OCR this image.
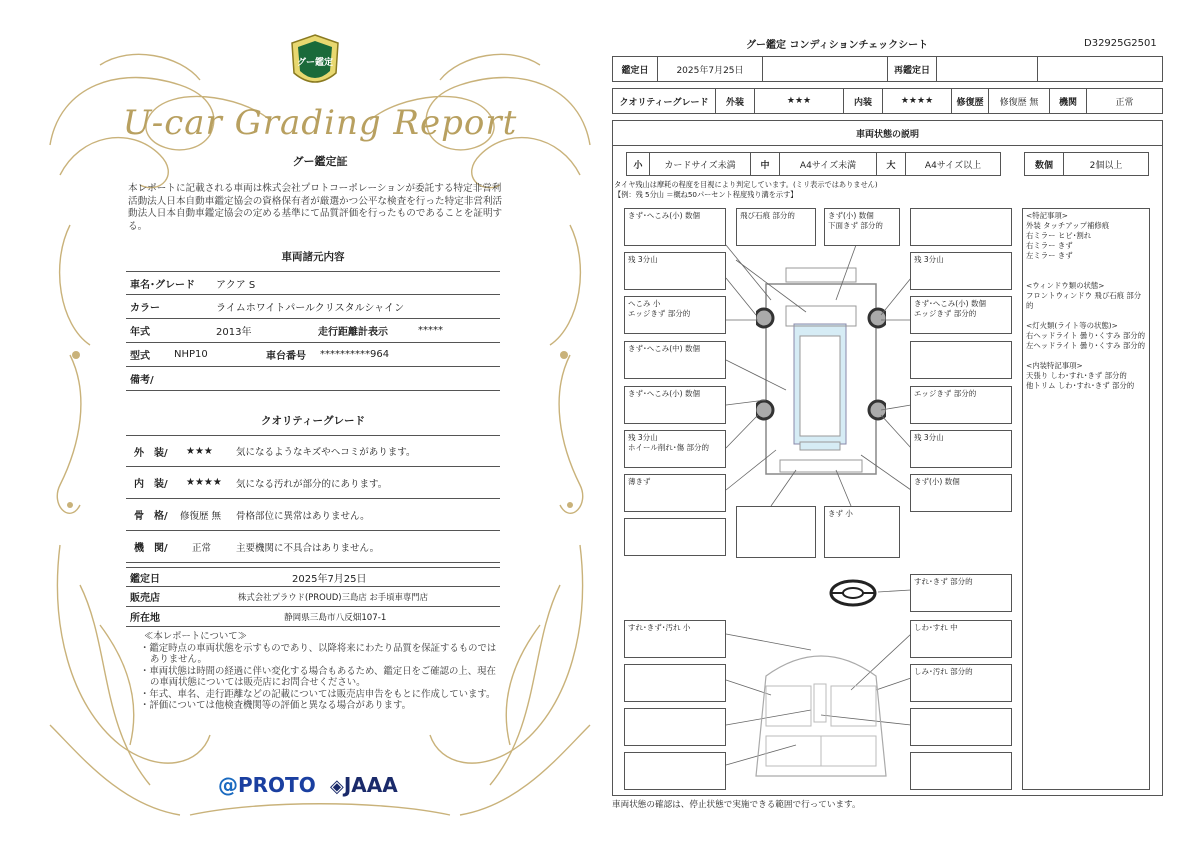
グー鑑定
U-car Grading Report
グー鑑定証
本レポートに記載される車両は株式会社プロトコーポレーションが委託する特定非営利活動法人日本自動車鑑定協会の資格保有者が厳選かつ公平な検査を行った特定非営利活動法人日本自動車鑑定協会の定める基準にて品質評価を行ったものであることを証明する。
車両諸元内容
車名･グレード	アクア S
カラー	ライムホワイトパールクリスタルシャイン
年式	2013年	走行距離計表示	*****
型式	NHP10	車台番号	**********964
備考/
クオリティーグレード
外　装/	★★★	気になるようなキズやヘコミがあります。
内　装/	★★★★	気になる汚れが部分的にあります。
骨　格/	修復歴 無	骨格部位に異常はありません。
機　関/	正常	主要機関に不具合はありません。
鑑定日	2025年7月25日
販売店	株式会社プラウド(PROUD)三島店 お手頃車専門店
所在地	静岡県三島市八反畑107-1
≪本レポートについて≫
・鑑定時点の車両状態を示すものであり、以降将来にわたり品質を保証するものではありません。
・車両状態は時間の経過に伴い変化する場合もあるため、鑑定日をご確認の上、現在の車両状態については販売店にお問合せください。
・年式、車名、走行距離などの記載については販売店申告をもとに作成しています。
・評価については他検査機関等の評価と異なる場合があります。
@PROTO ◈JAAA
グー鑑定 コンディションチェックシート	D32925G2501
鑑定日	2025年7月25日	再鑑定日
クオリティーグレード	外装	★★★	内装	★★★★	修復歴	修復歴 無	機関	正常
車両状態の説明
小	カードサイズ未満	中	A4サイズ未満	大	A4サイズ以上	数個	2個以上
タイヤ残山は摩耗の程度を目視により判定しています。(ミリ表示ではありません)
【例：残 5分山 ＝概ね50パーセント程度残り溝を示す】
きず･へこみ(小) 数個	飛び石痕 部分的	きず(小) 数個
下面きず 部分的
残 3分山	残 3分山
へこみ 小
エッジきず 部分的
きず･へこみ(小) 数個
エッジきず 部分的
きず･へこみ(中) 数個
きず･へこみ(小) 数個	エッジきず 部分的
残 3分山
ホイール削れ･傷 部分的
残 3分山
薄きず	きず(小) 数個
きず 小
すれ･きず 部分的
すれ･きず･汚れ 小	しわ･すれ 中
しみ･汚れ 部分的
<特記事項>
外装 タッチアップ補修痕
右ミラー ヒビ･割れ
右ミラー きず
左ミラー きず
<ウィンドウ類の状態>
フロントウィンドウ 飛び石痕 部分的
<灯火類(ライト等の状態)>
右ヘッドライト 曇り･くすみ 部分的
左ヘッドライト 曇り･くすみ 部分的
<内装特記事項>
天張り しわ･すれ･きず 部分的
他トリム しわ･すれ･きず 部分的
車両状態の確認は、停止状態で実施できる範囲で行っています。
